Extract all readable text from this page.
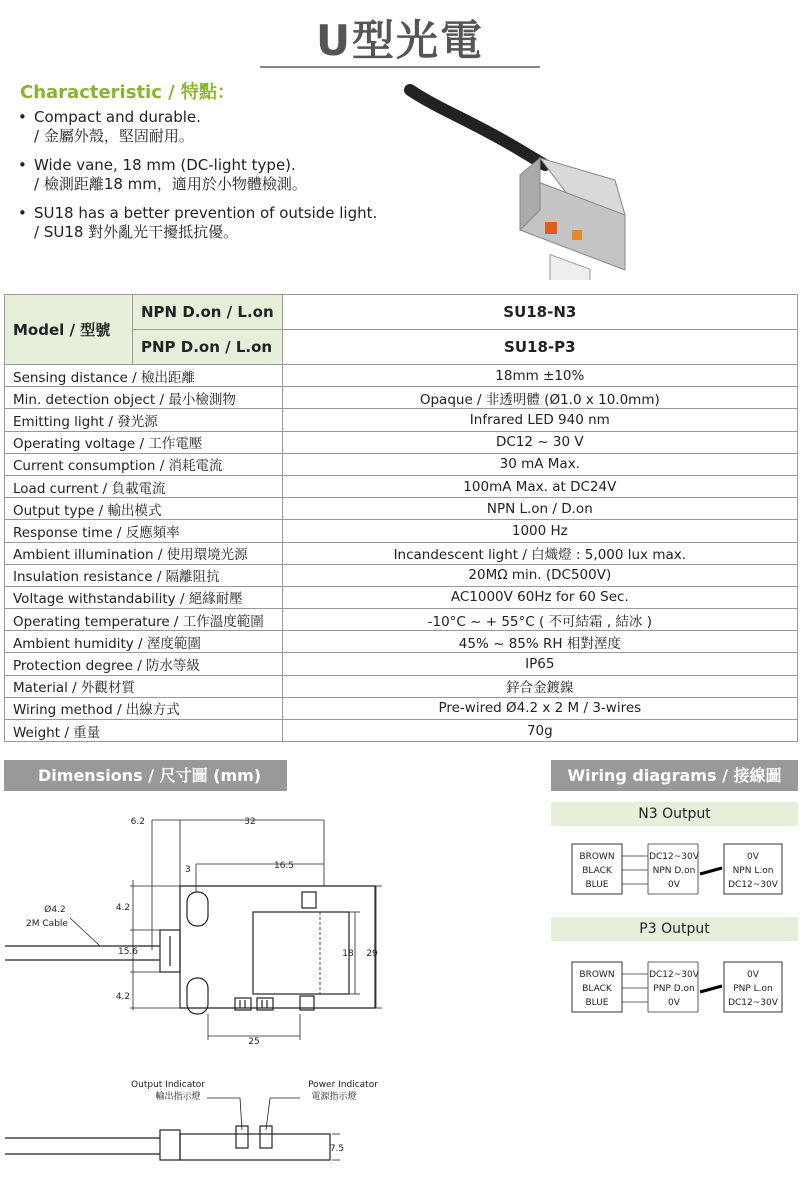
U型光電
Characteristic / 特點：
• Compact and durable.
/ 金屬外殼，堅固耐用。
• Wide vane, 18 mm (DC-light type).
/ 檢測距離18 mm，適用於小物體檢測。
• SU18 has a better prevention of outside light.
/ SU18 對外亂光干擾抵抗優。
Model / 型號	NPN D.on / L.on	SU18-N3
	PNP D.on / L.on	SU18-P3
Sensing distance / 檢出距離		18mm ±10%
Min. detection object / 最小檢測物		Opaque / 非透明體 (Ø1.0 x 10.0mm)
Emitting light / 發光源		Infrared LED 940 nm
Operating voltage / 工作電壓		DC12 ~ 30 V
Current consumption / 消耗電流		30 mA Max.
Load current / 負載電流		100mA Max. at DC24V
Output type / 輸出模式		NPN L.on / D.on
Response time / 反應頻率		1000 Hz
Ambient illumination / 使用環境光源		Incandescent light / 白熾燈 : 5,000 lux max.
Insulation resistance / 隔離阻抗		20MΩ min. (DC500V)
Voltage withstandability / 絕緣耐壓		AC1000V 60Hz for 60 Sec.
Operating temperature / 工作溫度範圍		-10°C ~ + 55°C ( 不可結霜 , 結冰 )
Ambient humidity / 溼度範圍		45% ~ 85% RH 相對溼度
Protection degree / 防水等級		IP65
Material / 外觀材質		鋅合金鍍鎳
Wiring method / 出線方式		Pre-wired Ø4.2 x 2 M / 3-wires
Weight / 重量		70g
Dimensions / 尺寸圖 (mm)	Wiring diagrams / 接線圖
6.2	32
3	16.5
4.2
15.6
4.2
18 29
25
Ø4.2
2M Cable
Output Indicator
輸出指示燈
Power Indicator
電源指示燈
7.5
N3 Output
BROWN
BLACK
BLUE
DC12~30V
NPN D.on
0V
0V
NPN L.on
DC12~30V
P3 Output
BROWN
BLACK
BLUE
DC12~30V
PNP D.on
0V
0V
PNP L.on
DC12~30V
